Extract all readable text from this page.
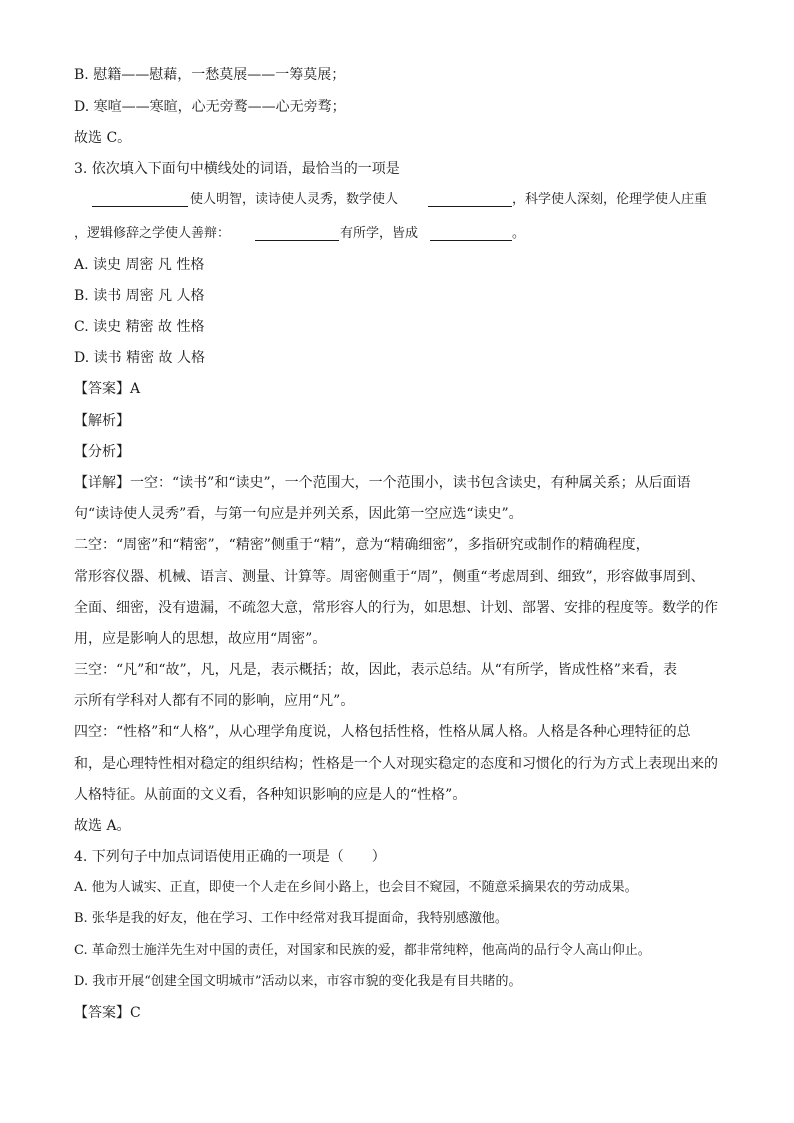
B. 慰籍——慰藉，一愁莫展——一筹莫展；
D. 寒喧——寒暄，心无旁鹜——心无旁骛；
故选 C。
3. 依次填入下面句中横线处的词语，最恰当的一项是
使人明智，读诗使人灵秀，数学使人	，科学使人深刻，伦理学使人庄重
，逻辑修辞之学使人善辩：	有所学，皆成	。
A. 读史 周密 凡 性格
B. 读书 周密 凡 人格
C. 读史 精密 故 性格
D. 读书 精密 故 人格
【答案】A
【解析】
【分析】
【详解】一空：“读书”和“读史”，一个范围大，一个范围小，读书包含读史，有种属关系；从后面语
句“读诗使人灵秀”看，与第一句应是并列关系，因此第一空应选“读史”。
二空：“周密”和“精密”，“精密”侧重于“精”，意为“精确细密”，多指研究或制作的精确程度，
常形容仪器、机械、语言、测量、计算等。周密侧重于“周”，侧重“考虑周到、细致”，形容做事周到、
全面、细密，没有遗漏，不疏忽大意，常形容人的行为，如思想、计划、部署、安排的程度等。数学的作
用，应是影响人的思想，故应用“周密”。
三空：“凡”和“故”，凡，凡是，表示概括；故，因此，表示总结。从“有所学，皆成性格”来看，表
示所有学科对人都有不同的影响，应用“凡”。
四空：“性格”和“人格”，从心理学角度说，人格包括性格，性格从属人格。人格是各种心理特征的总
和，是心理特性相对稳定的组织结构；性格是一个人对现实稳定的态度和习惯化的行为方式上表现出来的
人格特征。从前面的文义看，各种知识影响的应是人的“性格”。
故选 A。
4. 下列句子中加点词语使用正确的一项是（　　）
A. 他为人诚实、正直，即使一个人走在乡间小路上，也会目不窥园，不随意采摘果农的劳动成果。
B. 张华是我的好友，他在学习、工作中经常对我耳提面命，我特别感激他。
C. 革命烈士施洋先生对中国的责任，对国家和民族的爱，都非常纯粹，他高尚的品行令人高山仰止。
D. 我市开展“创建全国文明城市”活动以来，市容市貌的变化我是有目共睹的。
【答案】C
